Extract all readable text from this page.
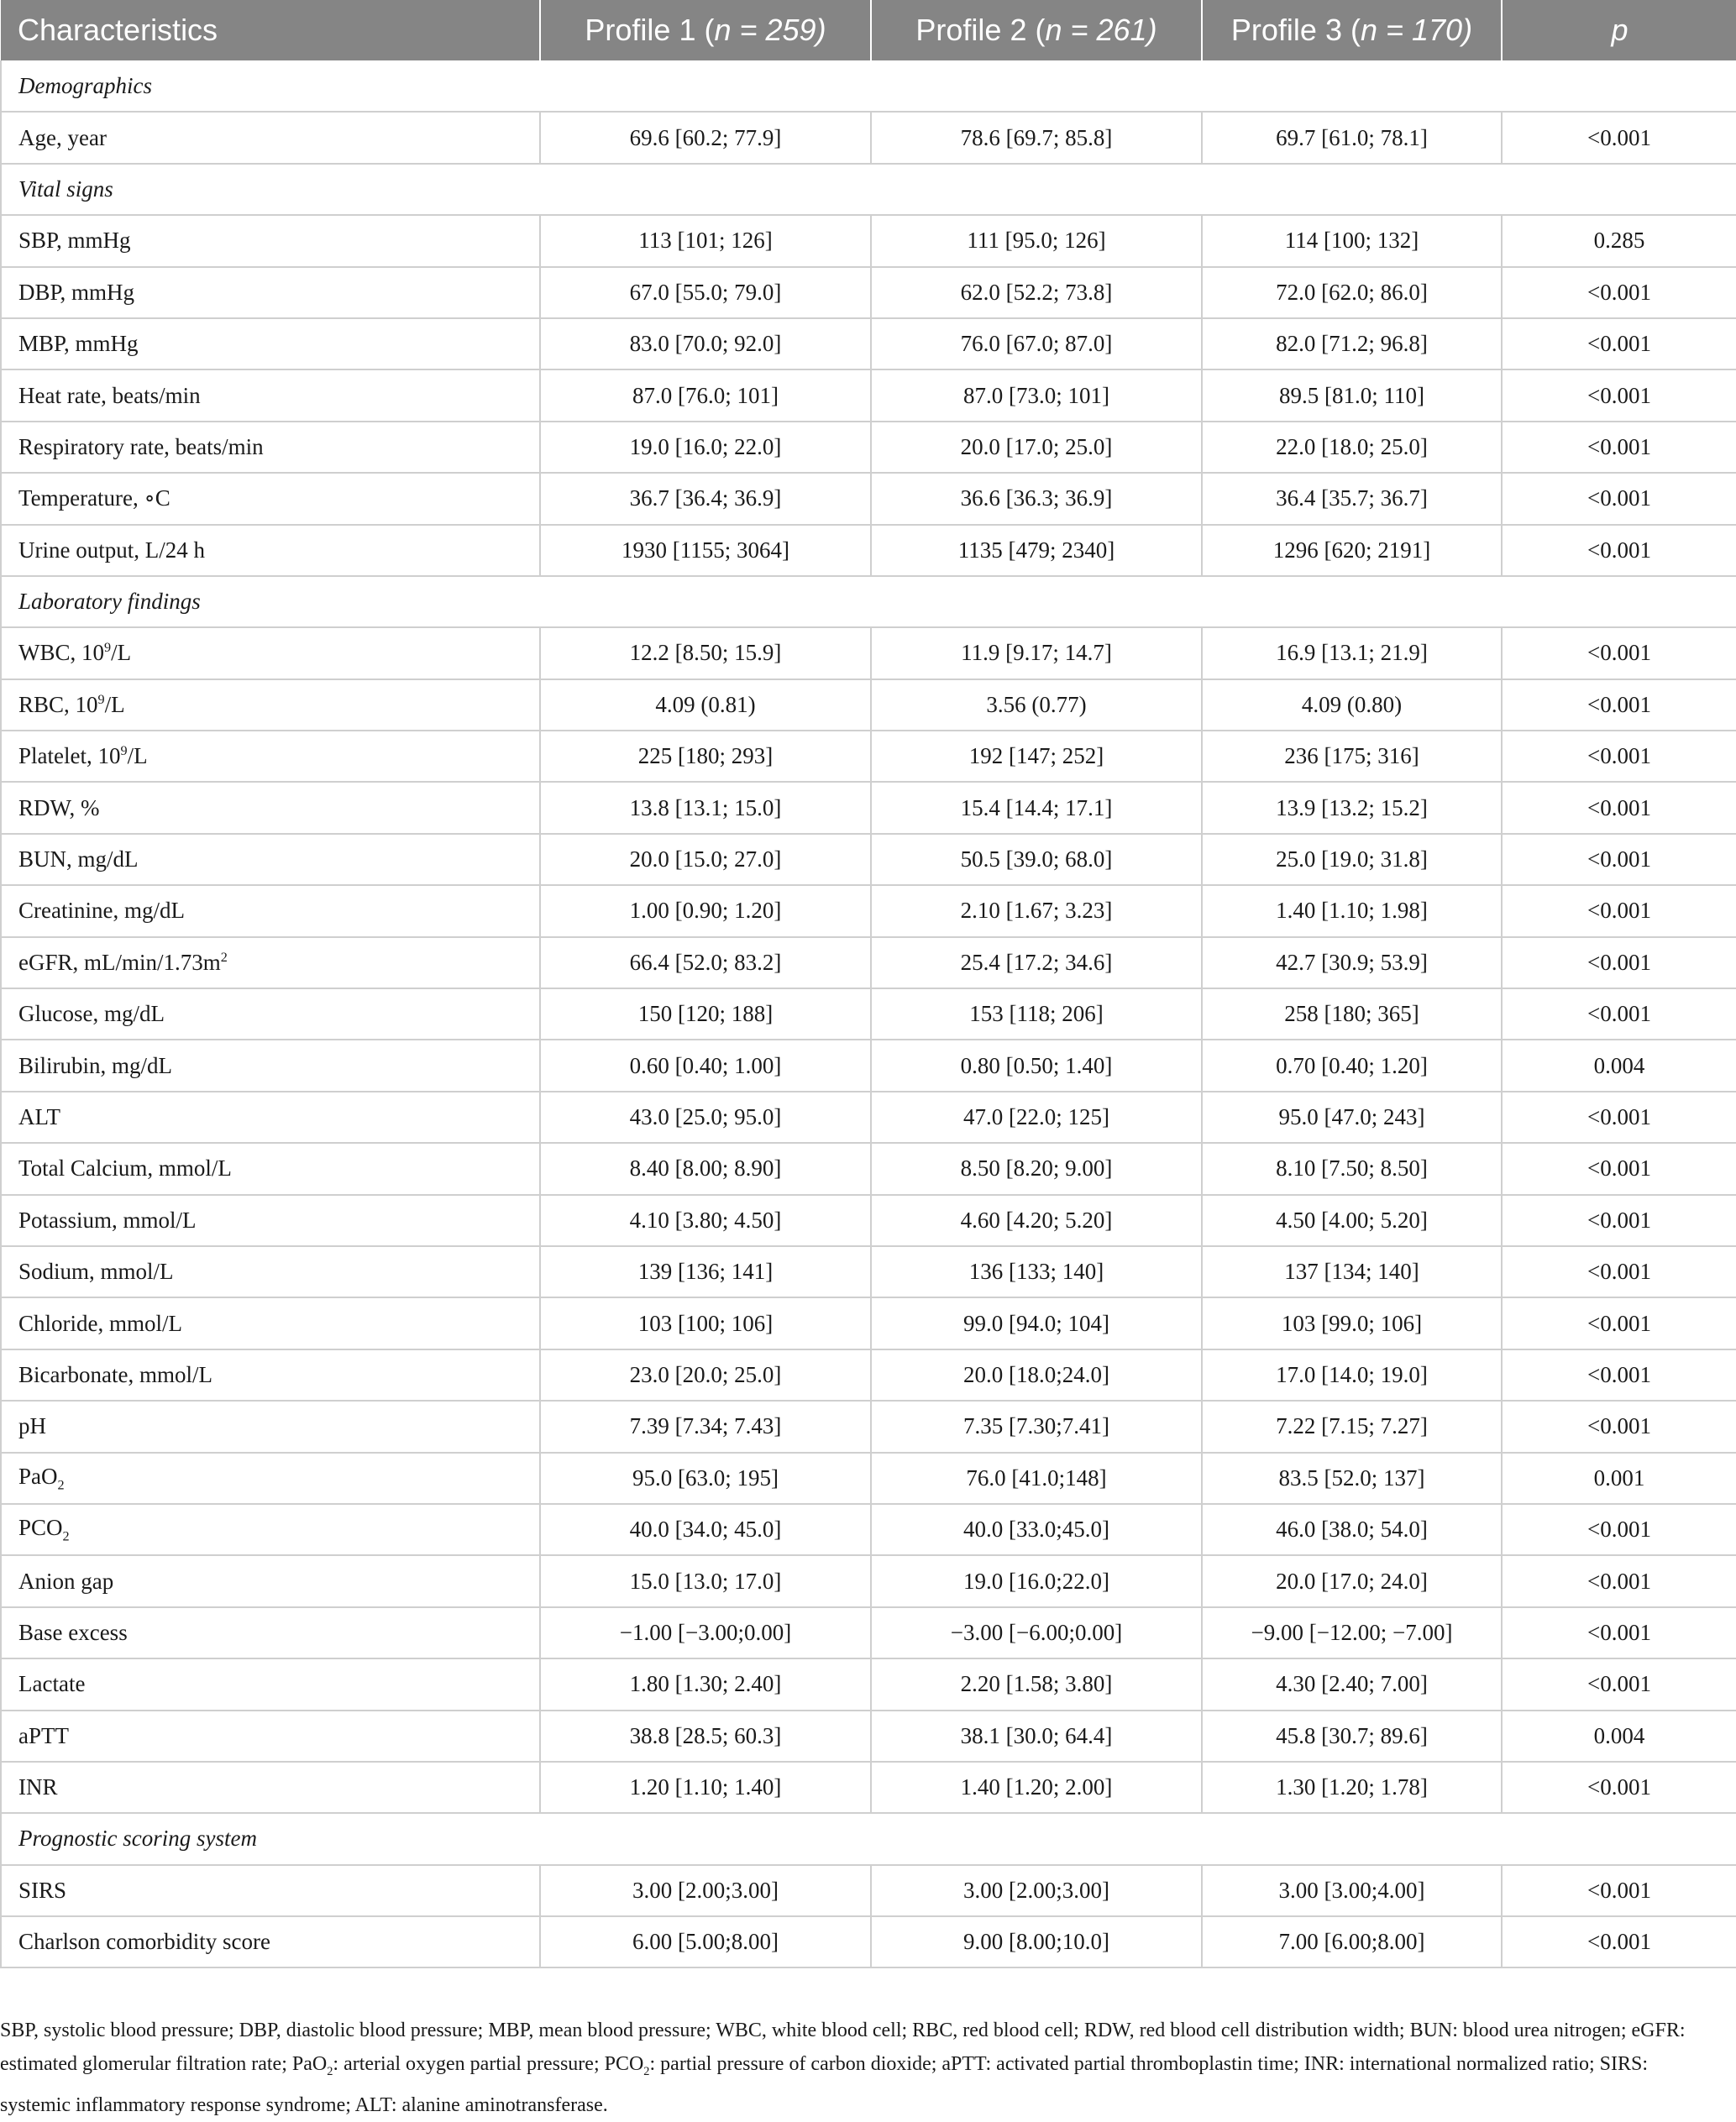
Characteristics	Profile 1 (n = 259)	Profile 2 (n = 261)	Profile 3 (n = 170)	p
Demographics				
Age, year	69.6 [60.2; 77.9]	78.6 [69.7; 85.8]	69.7 [61.0; 78.1]	<0.001
Vital signs				
SBP, mmHg	113 [101; 126]	111 [95.0; 126]	114 [100; 132]	0.285
DBP, mmHg	67.0 [55.0; 79.0]	62.0 [52.2; 73.8]	72.0 [62.0; 86.0]	<0.001
MBP, mmHg	83.0 [70.0; 92.0]	76.0 [67.0; 87.0]	82.0 [71.2; 96.8]	<0.001
Heat rate, beats/min	87.0 [76.0; 101]	87.0 [73.0; 101]	89.5 [81.0; 110]	<0.001
Respiratory rate, beats/min	19.0 [16.0; 22.0]	20.0 [17.0; 25.0]	22.0 [18.0; 25.0]	<0.001
Temperature, ∘C	36.7 [36.4; 36.9]	36.6 [36.3; 36.9]	36.4 [35.7; 36.7]	<0.001
Urine output, L/24 h	1930 [1155; 3064]	1135 [479; 2340]	1296 [620; 2191]	<0.001
Laboratory findings				
WBC, $10^9/L$	12.2 [8.50; 15.9]	11.9 [9.17; 14.7]	16.9 [13.1; 21.9]	<0.001
RBC, $10^9/L$	4.09 (0.81)	3.56 (0.77)	4.09 (0.80)	<0.001
Platelet, $10^9/L$	225 [180; 293]	192 [147; 252]	236 [175; 316]	<0.001
RDW, %	13.8 [13.1; 15.0]	15.4 [14.4; 17.1]	13.9 [13.2; 15.2]	<0.001
BUN, mg/dL	20.0 [15.0; 27.0]	50.5 [39.0; 68.0]	25.0 [19.0; 31.8]	<0.001
Creatinine, mg/dL	1.00 [0.90; 1.20]	2.10 [1.67; 3.23]	1.40 [1.10; 1.98]	<0.001
eGFR, $mL/\min/1.73m^2$	66.4 [52.0; 83.2]	25.4 [17.2; 34.6]	42.7 [30.9; 53.9]	<0.001
Glucose, mg/dL	150 [120; 188]	153 [118; 206]	258 [180; 365]	<0.001
Bilirubin, mg/dL	0.60 [0.40; 1.00]	0.80 [0.50; 1.40]	0.70 [0.40; 1.20]	0.004
ALT	43.0 [25.0; 95.0]	47.0 [22.0; 125]	95.0 [47.0; 243]	<0.001
Total Calcium, mmol/L	8.40 [8.00; 8.90]	8.50 [8.20; 9.00]	8.10 [7.50; 8.50]	<0.001
Potassium, mmol/L	4.10 [3.80; 4.50]	4.60 [4.20; 5.20]	4.50 [4.00; 5.20]	<0.001
Sodium, mmol/L	139 [136; 141]	136 [133; 140]	137 [134; 140]	<0.001
Chloride, mmol/L	103 [100; 106]	99.0 [94.0; 104]	103 [99.0; 106]	<0.001
Bicarbonate, mmol/L	23.0 [20.0; 25.0]	20.0 [18.0;24.0]	17.0 [14.0; 19.0]	<0.001
pH	7.39 [7.34; 7.43]	7.35 [7.30;7.41]	7.22 [7.15; 7.27]	<0.001
PaO$_2$	95.0 [63.0; 195]	76.0 [41.0;148]	83.5 [52.0; 137]	0.001
$PCO_2$	40.0 [34.0; 45.0]	40.0 [33.0;45.0]	46.0 [38.0; 54.0]	<0.001
Anion gap	15.0 [13.0; 17.0]	19.0 [16.0;22.0]	20.0 [17.0; 24.0]	<0.001
Base excess	−1.00 [−3.00;0.00]	−3.00 [−6.00;0.00]	−9.00 [−12.00; −7.00]	<0.001
Lactate	1.80 [1.30; 2.40]	2.20 [1.58; 3.80]	4.30 [2.40; 7.00]	<0.001
aPTT	38.8 [28.5; 60.3]	38.1 [30.0; 64.4]	45.8 [30.7; 89.6]	0.004
INR	1.20 [1.10; 1.40]	1.40 [1.20; 2.00]	1.30 [1.20; 1.78]	<0.001
Prognostic scoring system				
SIRS	3.00 [2.00;3.00]	3.00 [2.00;3.00]	3.00 [3.00;4.00]	<0.001
Charlson comorbidity score	6.00 [5.00;8.00]	9.00 [8.00;10.0]	7.00 [6.00;8.00]	<0.001
SBP, systolic blood pressure; DBP, diastolic blood pressure; MBP, mean blood pressure; WBC, white blood cell; RBC, red blood cell; RDW, red blood cell distribution width; BUN: blood urea nitrogen; eGFR: estimated glomerular filtration rate; PaO$_2$: arterial oxygen partial pressure; $PCO_2$: partial pressure of carbon dioxide; aPTT: activated partial thromboplastin time; INR: international normalized ratio; SIRS: systemic inflammatory response syndrome; ALT: alanine aminotransferase.
